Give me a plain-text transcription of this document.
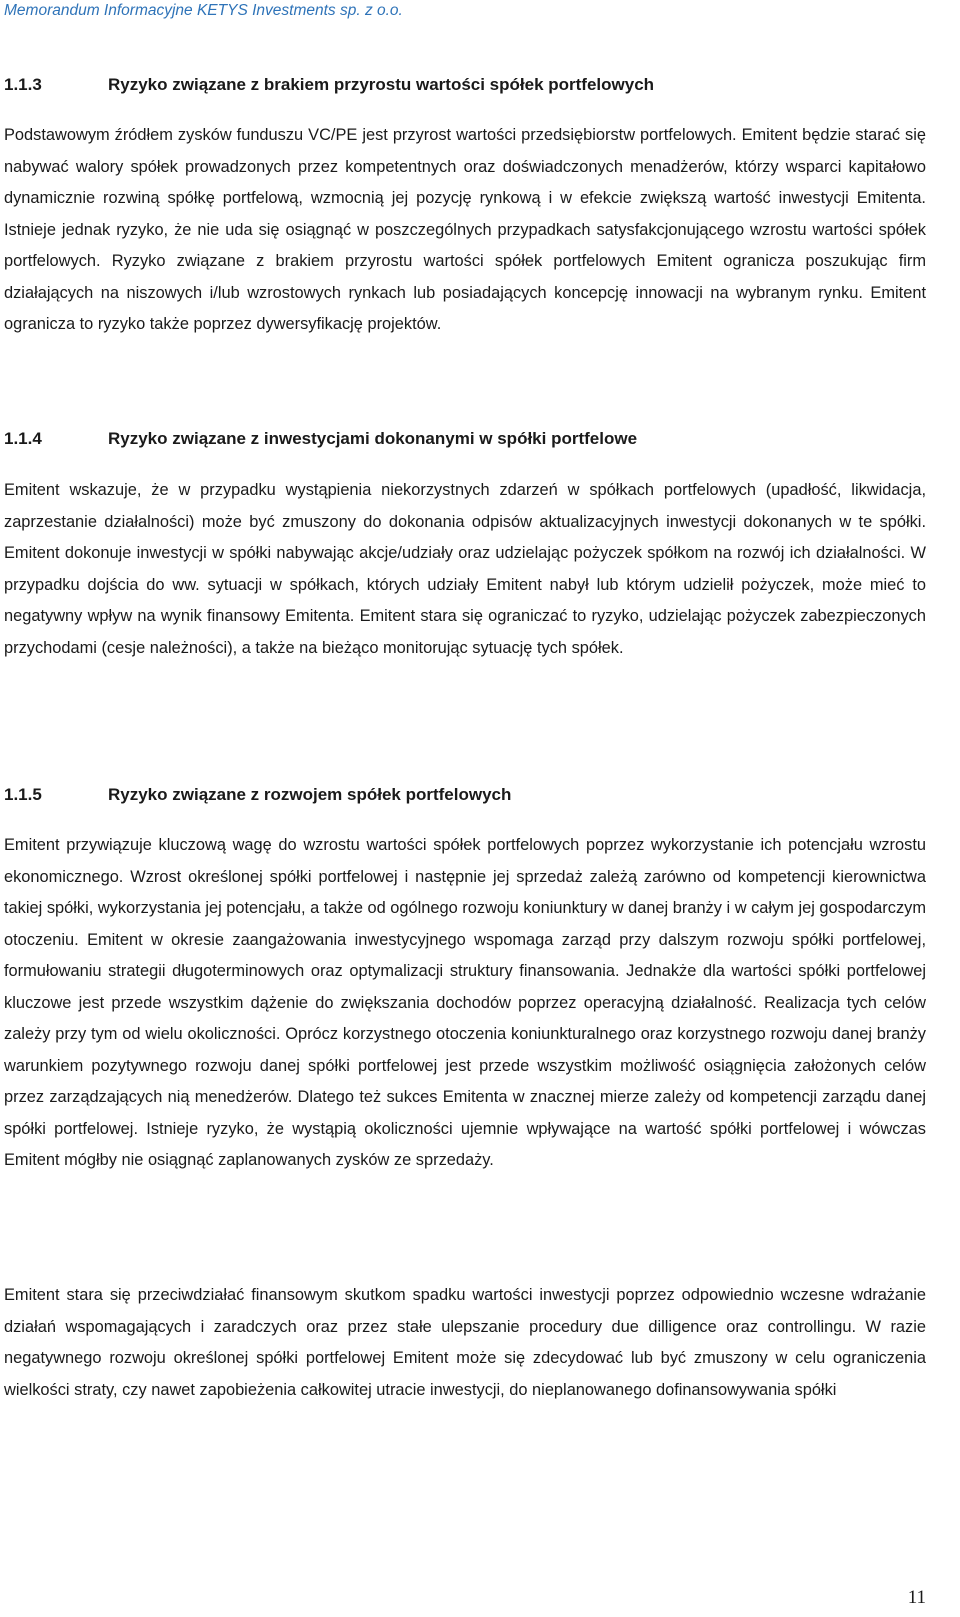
Memorandum Informacyjne KETYS Investments sp. z o.o.
1.1.3	Ryzyko związane z brakiem przyrostu wartości spółek portfelowych

Podstawowym źródłem zysków funduszu VC/PE jest przyrost wartości przedsiębiorstw portfelowych. Emitent będzie starać się nabywać walory spółek prowadzonych przez kompetentnych oraz doświadczonych menadżerów, którzy wsparci kapitałowo dynamicznie rozwiną spółkę portfelową, wzmocnią jej pozycję rynkową i w efekcie zwiększą wartość inwestycji Emitenta. Istnieje jednak ryzyko, że nie uda się osiągnąć w poszczególnych przypadkach satysfakcjonującego wzrostu wartości spółek portfelowych. Ryzyko związane z brakiem przyrostu wartości spółek portfelowych Emitent ogranicza poszukując firm działających na niszowych i/lub wzrostowych rynkach lub posiadających koncepcję innowacji na wybranym rynku. Emitent ogranicza to ryzyko także poprzez dywersyfikację projektów.

1.1.4	Ryzyko związane z inwestycjami dokonanymi w spółki portfelowe

Emitent wskazuje, że w przypadku wystąpienia niekorzystnych zdarzeń w spółkach portfelowych (upadłość, likwidacja, zaprzestanie działalności) może być zmuszony do dokonania odpisów aktualizacyjnych inwestycji dokonanych w te spółki. Emitent dokonuje inwestycji w spółki nabywając akcje/udziały oraz udzielając pożyczek spółkom na rozwój ich działalności. W przypadku dojścia do ww. sytuacji w spółkach, których udziały Emitent nabył lub którym udzielił pożyczek, może mieć to negatywny wpływ na wynik finansowy Emitenta. Emitent stara się ograniczać to ryzyko, udzielając pożyczek zabezpieczonych przychodami (cesje należności), a także na bieżąco monitorując sytuację tych spółek.

1.1.5	Ryzyko związane z rozwojem spółek portfelowych

Emitent przywiązuje kluczową wagę do wzrostu wartości spółek portfelowych poprzez wykorzystanie ich potencjału wzrostu ekonomicznego. Wzrost określonej spółki portfelowej i następnie jej sprzedaż zależą zarówno od kompetencji kierownictwa takiej spółki, wykorzystania jej potencjału, a także od ogólnego rozwoju koniunktury w danej branży i w całym jej gospodarczym otoczeniu. Emitent w okresie zaangażowania inwestycyjnego wspomaga zarząd przy dalszym rozwoju spółki portfelowej, formułowaniu strategii długoterminowych oraz optymalizacji struktury finansowania. Jednakże dla wartości spółki portfelowej kluczowe jest przede wszystkim dążenie do zwiększania dochodów poprzez operacyjną działalność. Realizacja tych celów zależy przy tym od wielu okoliczności. Oprócz korzystnego otoczenia koniunkturalnego oraz korzystnego rozwoju danej branży warunkiem pozytywnego rozwoju danej spółki portfelowej jest przede wszystkim możliwość osiągnięcia założonych celów przez zarządzających nią menedżerów. Dlatego też sukces Emitenta w znacznej mierze zależy od kompetencji zarządu danej spółki portfelowej. Istnieje ryzyko, że wystąpią okoliczności ujemnie wpływające na wartość spółki portfelowej i wówczas Emitent mógłby nie osiągnąć zaplanowanych zysków ze sprzedaży.

Emitent stara się przeciwdziałać finansowym skutkom spadku wartości inwestycji poprzez odpowiednio wczesne wdrażanie działań wspomagających i zaradczych oraz przez stałe ulepszanie procedury due dilligence oraz controllingu. W razie negatywnego rozwoju określonej spółki portfelowej Emitent może się zdecydować lub być zmuszony w celu ograniczenia wielkości straty, czy nawet zapobieżenia całkowitej utracie inwestycji, do nieplanowanego dofinansowywania spółki

11
